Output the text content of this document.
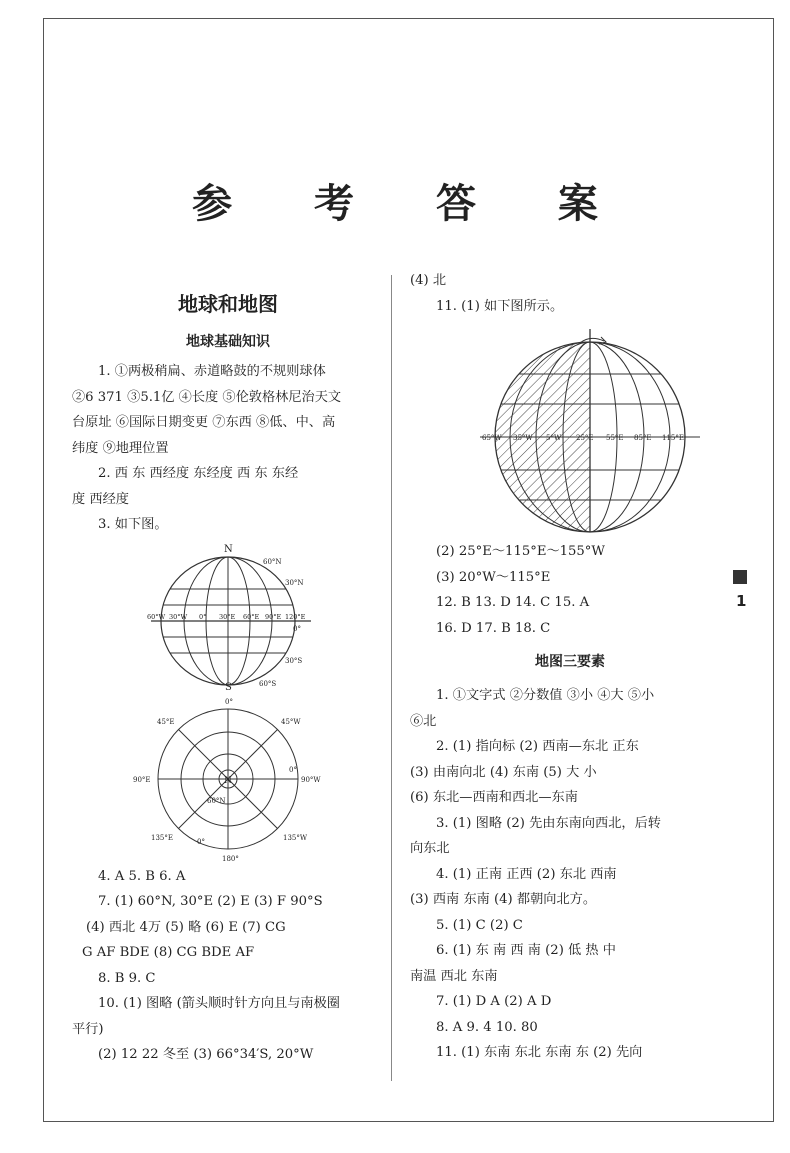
参 考 答 案
地球和地图
地球基础知识
1. ①两极稍扁、赤道略鼓的不规则球体
②6 371 ③5.1亿 ④长度 ⑤伦敦格林尼治天文
台原址 ⑥国际日期变更 ⑦东西 ⑧低、中、高
纬度 ⑨地理位置
2. 西 东 西经度 东经度 西 东 东经
度 西经度
3. 如下图。
N
S
60°N
30°N
0°
30°S
60°S
60°W 30°W 0° 30°E 60°E 90°E 120°E
N
0°
45°E	45°W
90°E	90°W
0°
60°N
135°E	135°W
0°
180°
4. A 5. B 6. A
7. (1) 60°N, 30°E (2) E (3) F 90°S
(4) 西北 4万 (5) 略 (6) E (7) CG
G AF BDE (8) CG BDE AF
8. B 9. C
10. (1) 图略 (箭头顺时针方向且与南极圈
平行)
(2) 12 22 冬至 (3) 66°34′S, 20°W
(4) 北
11. (1) 如下图所示。
65°W 35°W 5°W 25°E 55°E 85°E 115°E
(2) 25°E～115°E～155°W
(3) 20°W～115°E
12. B 13. D 14. C 15. A
16. D 17. B 18. C
地图三要素
1. ①文字式 ②分数值 ③小 ④大 ⑤小
⑥北
2. (1) 指向标 (2) 西南—东北 正东
(3) 由南向北 (4) 东南 (5) 大 小
(6) 东北—西南和西北—东南
3. (1) 图略 (2) 先由东南向西北，后转
向东北
4. (1) 正南 正西 (2) 东北 西南
(3) 西南 东南 (4) 都朝向北方。
5. (1) C (2) C
6. (1) 东 南 西 南 (2) 低 热 中
南温 西北 东南
7. (1) D A (2) A D
8. A 9. 4 10. 80
11. (1) 东南 东北 东南 东 (2) 先向
1
